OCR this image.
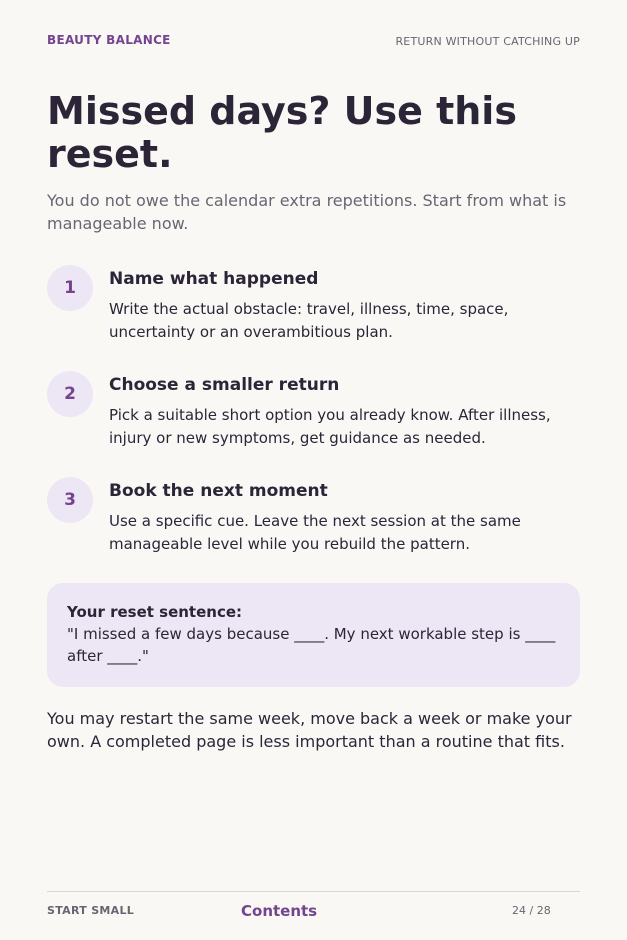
BEAUTY BALANCE	RETURN WITHOUT CATCHING UP
Missed days? Use this reset.

You do not owe the calendar extra repetitions. Start from what is manageable now.

1	Name what happened

Write the actual obstacle: travel, illness, time, space, uncertainty or an overambitious plan.

2	Choose a smaller return

Pick a suitable short option you already know. After illness, injury or new symptoms, get guidance as needed.

3	Book the next moment

Use a specific cue. Leave the next session at the same manageable level while you rebuild the pattern.

Your reset sentence:
"I missed a few days because ____. My next workable step is ____ after ____."

You may restart the same week, move back a week or make your own. A completed page is less important than a routine that fits.

START SMALL	Contents	24 / 28
